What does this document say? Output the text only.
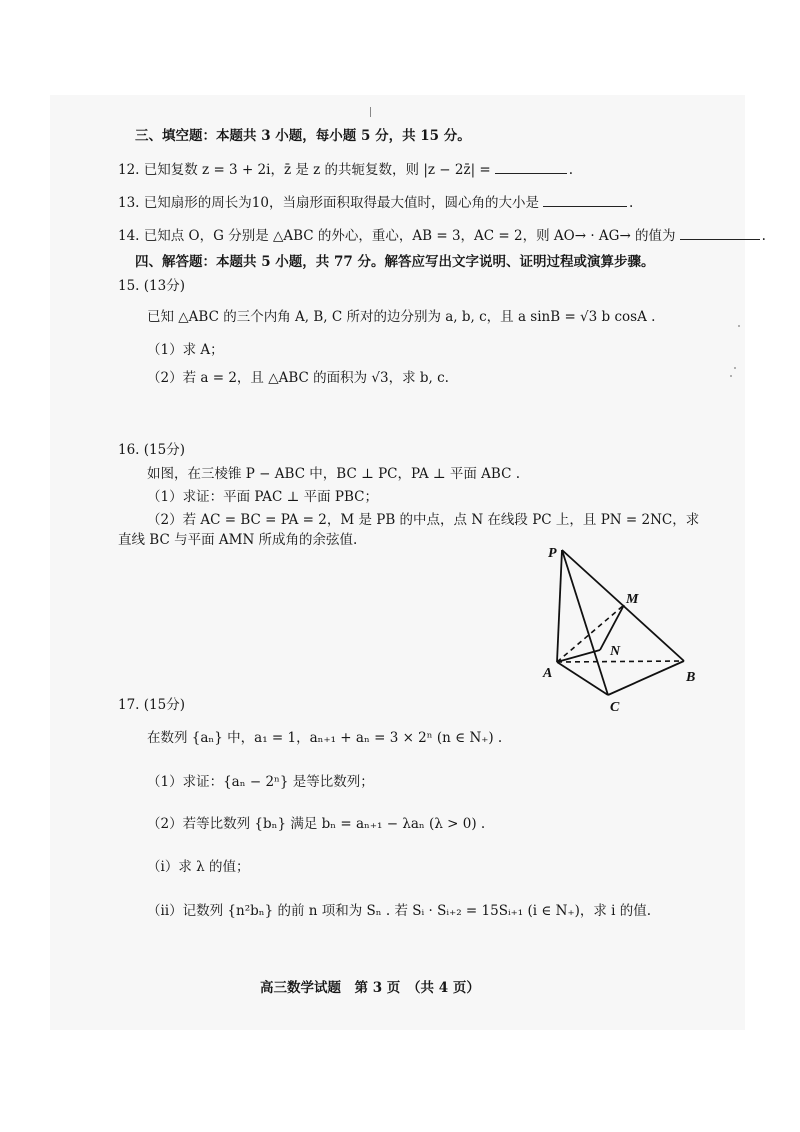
三、填空题：本题共 3 小题，每小题 5 分，共 15 分。
12. 已知复数 z = 3 + 2i，z̄ 是 z 的共轭复数，则 |z − 2z̄| =	.
13. 已知扇形的周长为10，当扇形面积取得最大值时，圆心角的大小是	.
14. 已知点 O，G 分别是 △ABC 的外心，重心，AB = 3，AC = 2，则 AO→ · AG→ 的值为	.
四、解答题：本题共 5 小题，共 77 分。解答应写出文字说明、证明过程或演算步骤。
15. (13分)
已知 △ABC 的三个内角 A, B, C 所对的边分别为 a, b, c，且 a sinB = √3 b cosA .
（1）求 A；
（2）若 a = 2，且 △ABC 的面积为 √3，求 b, c.
16. (15分)
如图，在三棱锥 P − ABC 中，BC ⊥ PC，PA ⊥ 平面 ABC .
（1）求证：平面 PAC ⊥ 平面 PBC；
（2）若 AC = BC = PA = 2，M 是 PB 的中点，点 N 在线段 PC 上，且 PN = 2NC，求
直线 BC 与平面 AMN 所成角的余弦值.
P
M
N
A	B
C
17. (15分)
在数列 {aₙ} 中，a₁ = 1，aₙ₊₁ + aₙ = 3 × 2ⁿ (n ∈ N₊) .
（1）求证：{aₙ − 2ⁿ} 是等比数列；
（2）若等比数列 {bₙ} 满足 bₙ = aₙ₊₁ − λaₙ (λ > 0) .
（ⅰ）求 λ 的值；
（ⅱ）记数列 {n²bₙ} 的前 n 项和为 Sₙ . 若 Sᵢ · Sᵢ₊₂ = 15Sᵢ₊₁ (i ∈ N₊)，求 i 的值.
高三数学试题　第 3 页　（共 4 页）
